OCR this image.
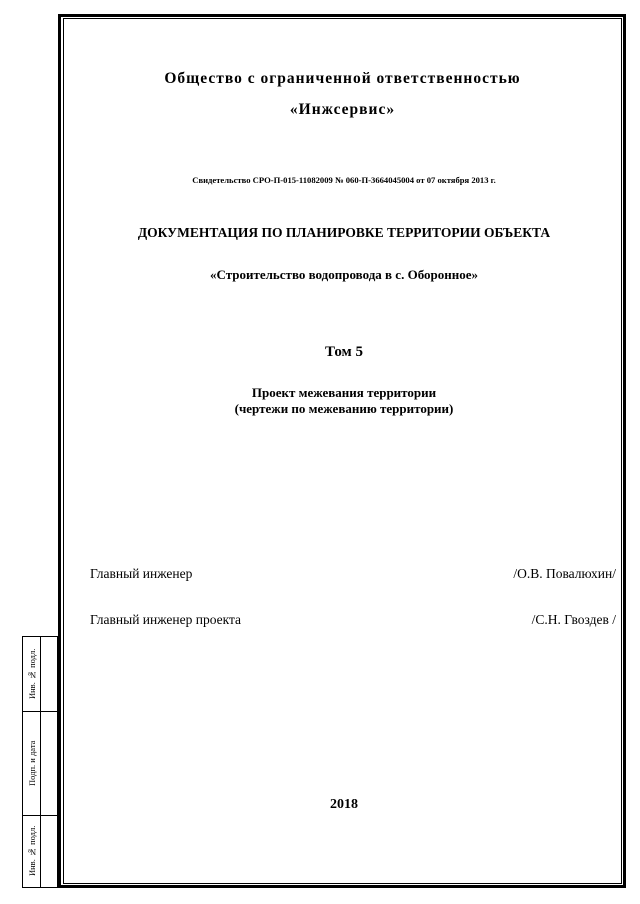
Общество с ограниченной ответственностью
«Инжсервис»
Свидетельство СРО-П-015-11082009 № 060-П-3664045004 от 07 октября 2013 г.
ДОКУМЕНТАЦИЯ ПО ПЛАНИРОВКЕ ТЕРРИТОРИИ ОБЪЕКТА
«Строительство водопровода в с. Оборонное»
Том 5
Проект межевания территории
(чертежи по межеванию территории)
Главный инженер	/О.В. Повалюхин/
Главный инженер проекта	/С.Н. Гвоздев /
2018
Инв. № подл.
Подп. и дата
Инв. № подл.
